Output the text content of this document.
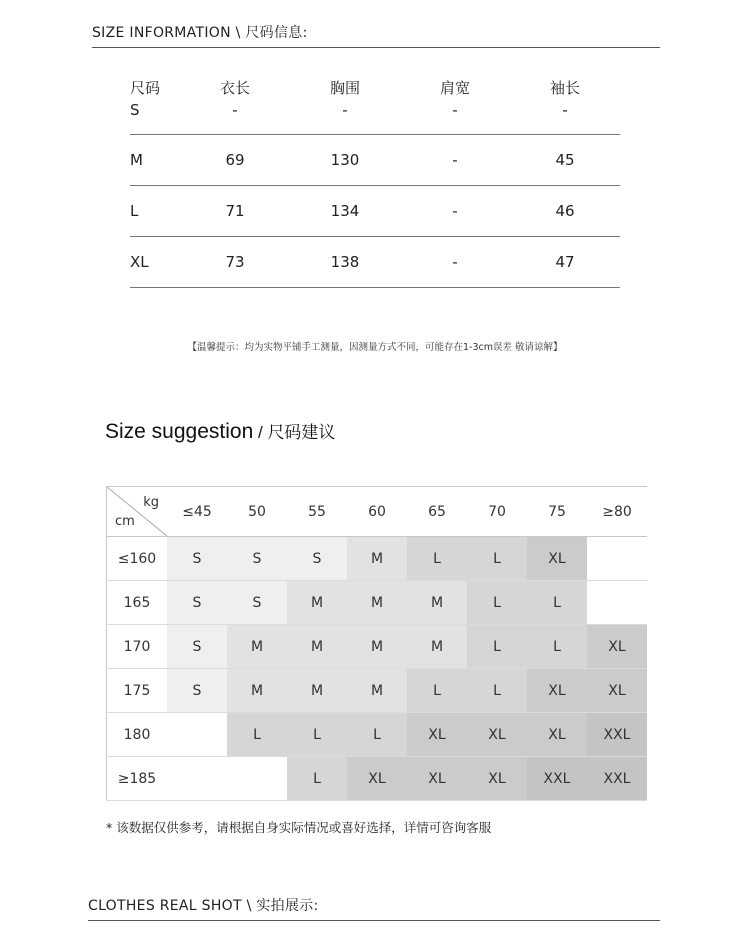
SIZE INFORMATION \ 尺码信息:
尺码	衣长	胸围	肩宽	袖长
S	-	-	-	-
M	69	130	-	45
L	71	134	-	46
XL	73	138	-	47
【温馨提示：均为实物平铺手工测量，因测量方式不同，可能存在1-3cm误差 敬请谅解】
Size suggestion / 尺码建议
kg
cm	≤45	50	55	60	65	70	75	≥80
≤160	S	S	S	M	L	L	XL	
165	S	S	M	M	M	L	L	
170	S	M	M	M	M	L	L	XL
175	S	M	M	M	L	L	XL	XL
180		L	L	L	XL	XL	XL	XXL
≥185			L	XL	XL	XL	XXL	XXL
* 该数据仅供参考，请根据自身实际情况或喜好选择，详情可咨询客服
CLOTHES REAL SHOT \ 实拍展示:
